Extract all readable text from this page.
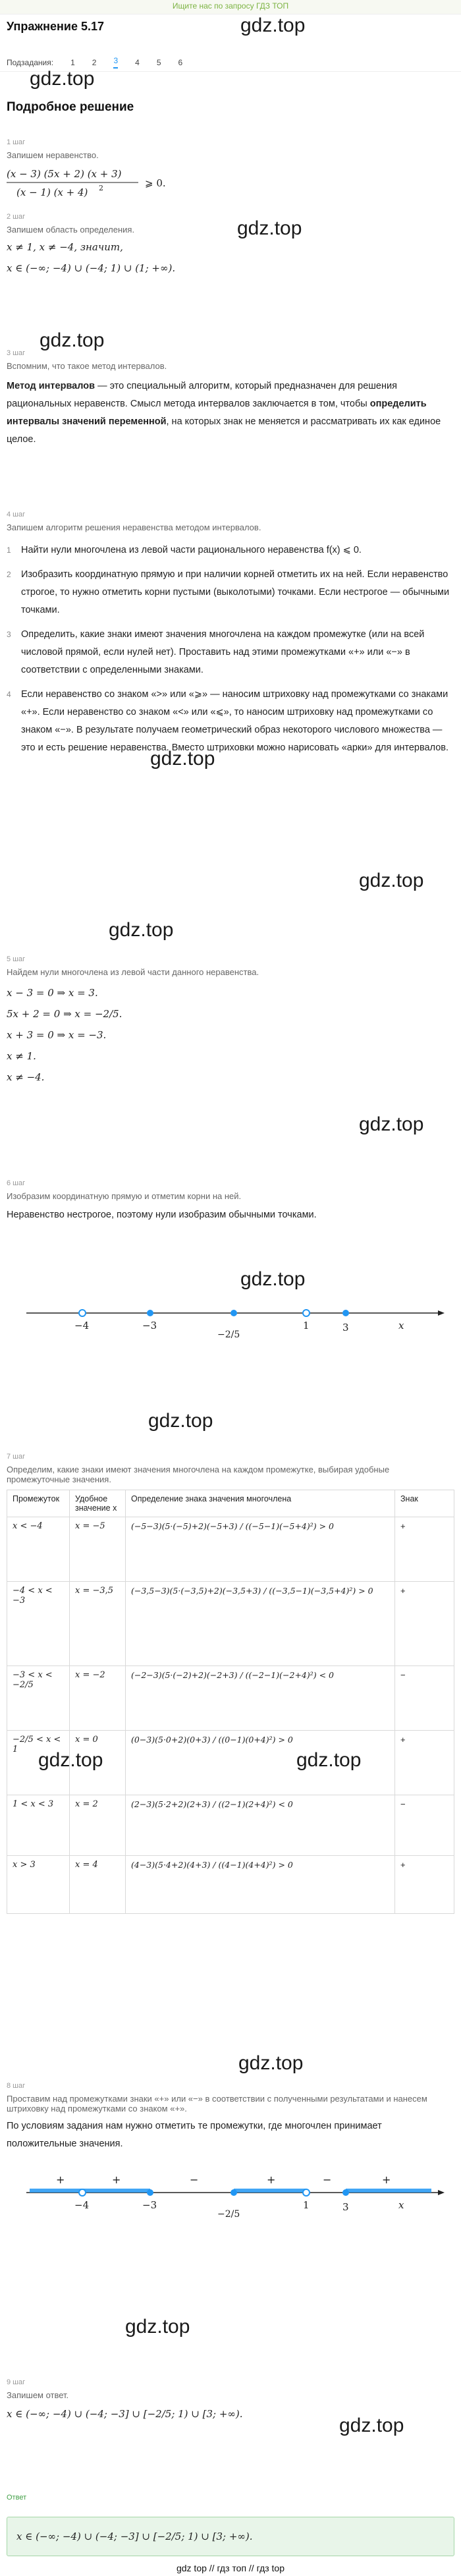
Ищите нас по запросу ГДЗ ТОП
Упражнение 5.17	gdz.top
Подзадания: 1 2 3 4 5 6
gdz.top
Подробное решение
1 шаг
Запишем неравенство.
(x − 3) (5x + 2) (x + 3)
(x − 1) (x + 4) 2	⩾ 0.
2 шаг
Запишем область определения.
x ≠ 1, x ≠ −4, значит,
x ∈ (−∞; −4) ∪ (−4; 1) ∪ (1; +∞).
gdz.top
gdz.top
3 шаг
Вспомним, что такое метод интервалов.

Метод интервалов — это специальный алгоритм, который предназначен для решения рациональных неравенств. Смысл метода интервалов заключается в том, чтобы определить интервалы значений переменной, на которых знак не меняется и рассматривать их как единое целое.

4 шаг
Запишем алгоритм решения неравенства методом интервалов.
1 Найти нули многочлена из левой части рационального неравенства f(x) ⩽ 0.
2 Изобразить координатную прямую и при наличии корней отметить их на ней. Если неравенство строгое, то нужно отметить корни пустыми (выколотыми) точками. Если нестрогое — обычными точками.
3 Определить, какие знаки имеют значения многочлена на каждом промежутке (или на всей числовой прямой, если нулей нет). Проставить над этими промежутками «+» или «−» в соответствии с определенными знаками.
4 Если неравенство со знаком «>» или «⩾» — наносим штриховку над промежутками со знаками «+». Если неравенство со знаком «<» или «⩽», то наносим штриховку над промежутками со знаком «−». В результате получаем геометрический образ некоторого числового множества — это и есть решение неравенства. Вместо штриховки можно нарисовать «арки» для интервалов.
gdz.top
gdz.top
gdz.top
5 шаг
Найдем нули многочлена из левой части данного неравенства.
x − 3 = 0 ⇒ x = 3.
5x + 2 = 0 ⇒ x = −2/5.
x + 3 = 0 ⇒ x = −3.
x ≠ 1.
x ≠ −4.
gdz.top
6 шаг
Изобразим координатную прямую и отметим корни на ней.
Неравенство нестрогое, поэтому нули изобразим обычными точками.
gdz.top
−4	−3
−2/5
1	3	x
gdz.top
7 шаг
Определим, какие знаки имеют значения многочлена на каждом промежутке, выбирая удобные промежуточные значения.
Промежуток	Удобное значение x	Определение знака значения многочлена	Знак
x < −4	x = −5	(−5−3)(5·(−5)+2)(−5+3) / ((−5−1)(−5+4)²) > 0	+
−4 < x < −3	x = −3,5	(−3,5−3)(5·(−3,5)+2)(−3,5+3) / ((−3,5−1)(−3,5+4)²) > 0	+
−3 < x < −2/5	x = −2	(−2−3)(5·(−2)+2)(−2+3) / ((−2−1)(−2+4)²) < 0	−
−2/5 < x < 1	x = 0	(0−3)(5·0+2)(0+3) / ((0−1)(0+4)²) > 0	+
1 < x < 3	x = 2	(2−3)(5·2+2)(2+3) / ((2−1)(2+4)²) < 0	−
x > 3	x = 4	(4−3)(5·4+2)(4+3) / ((4−1)(4+4)²) > 0	+
gdz.top	gdz.top
gdz.top
8 шаг
Проставим над промежутками знаки «+» или «−» в соответствии с полученными результатами и нанесем штриховку над промежутками со знаком «+».
По условиям задания нам нужно отметить те промежутки, где многочлен принимает положительные значения.
+	+	−	+	−	+
−4	−3
−2/5
1	3	x
gdz.top
9 шаг
Запишем ответ.
x ∈ (−∞; −4) ∪ (−4; −3] ∪ [−2/5; 1) ∪ [3; +∞).
gdz.top
Ответ
x ∈ (−∞; −4) ∪ (−4; −3] ∪ [−2/5; 1) ∪ [3; +∞).
gdz top // гдз топ // гдз top
